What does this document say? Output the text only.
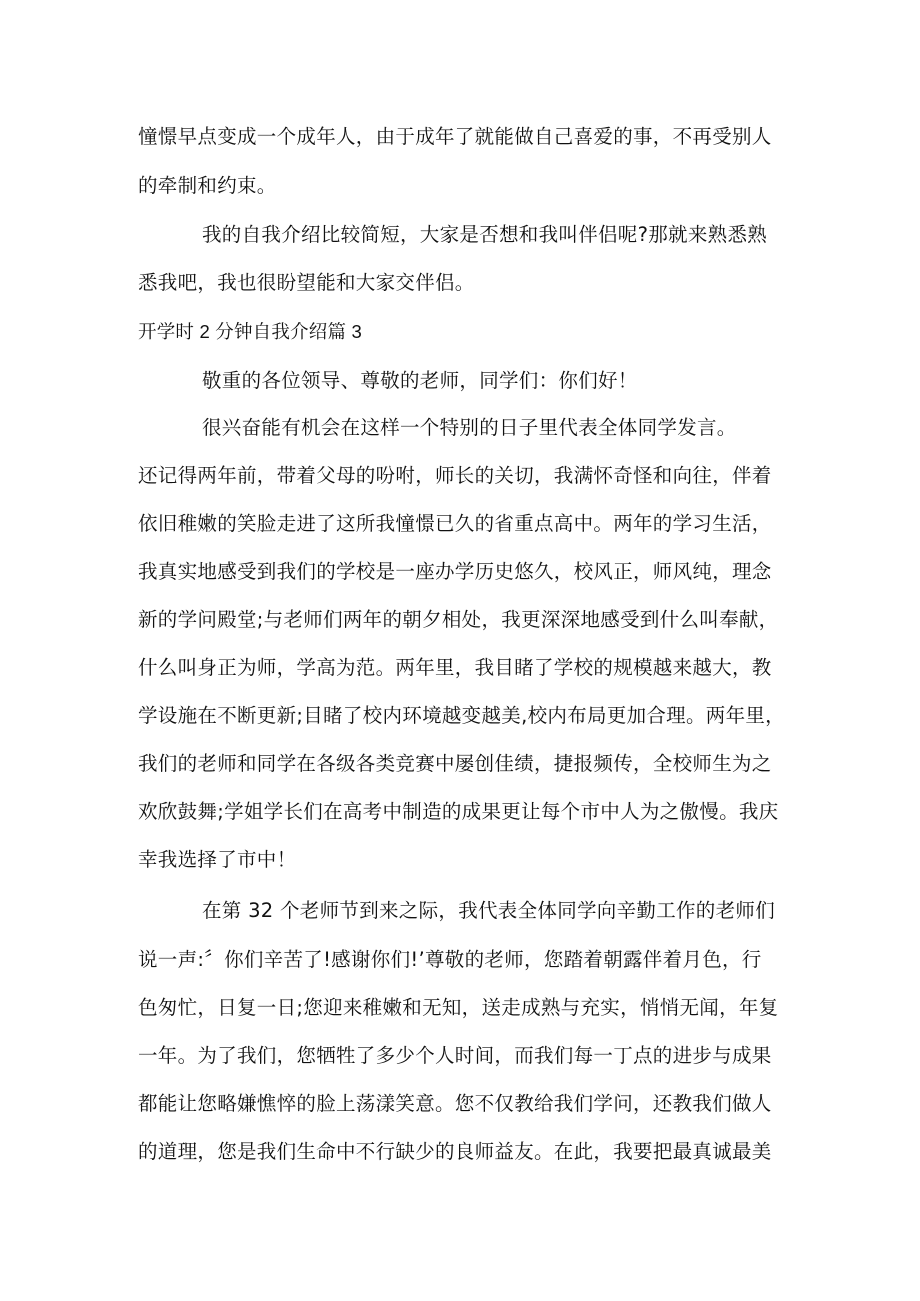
憧憬早点变成一个成年人，由于成年了就能做自己喜爱的事，不再受别人
的牵制和约束。
我的自我介绍比较简短，大家是否想和我叫伴侣呢?那就来熟悉熟
悉我吧，我也很盼望能和大家交伴侣。
开学时 2 分钟自我介绍篇 3
敬重的各位领导、尊敬的老师，同学们：你们好！
很兴奋能有机会在这样一个特别的日子里代表全体同学发言。
还记得两年前，带着父母的吩咐，师长的关切，我满怀奇怪和向往，伴着
依旧稚嫩的笑脸走进了这所我憧憬已久的省重点高中。两年的学习生活，
我真实地感受到我们的学校是一座办学历史悠久，校风正，师风纯，理念
新的学问殿堂;与老师们两年的朝夕相处，我更深深地感受到什么叫奉献，
什么叫身正为师，学高为范。两年里，我目睹了学校的规模越来越大，教
学设施在不断更新;目睹了校内环境越变越美,校内布局更加合理。两年里，
我们的老师和同学在各级各类竞赛中屡创佳绩，捷报频传，全校师生为之
欢欣鼓舞;学姐学长们在高考中制造的成果更让每个市中人为之傲慢。我庆
幸我选择了市中！
在第 32 个老师节到来之际，我代表全体同学向辛勤工作的老师们
说一声:〞你们辛苦了!感谢你们!’尊敬的老师，您踏着朝露伴着月色，行
色匆忙，日复一日;您迎来稚嫩和无知，送走成熟与充实，悄悄无闻，年复
一年。为了我们，您牺牲了多少个人时间，而我们每一丁点的进步与成果
都能让您略嫌憔悴的脸上荡漾笑意。您不仅教给我们学问，还教我们做人
的道理，您是我们生命中不行缺少的良师益友。在此，我要把最真诚最美
